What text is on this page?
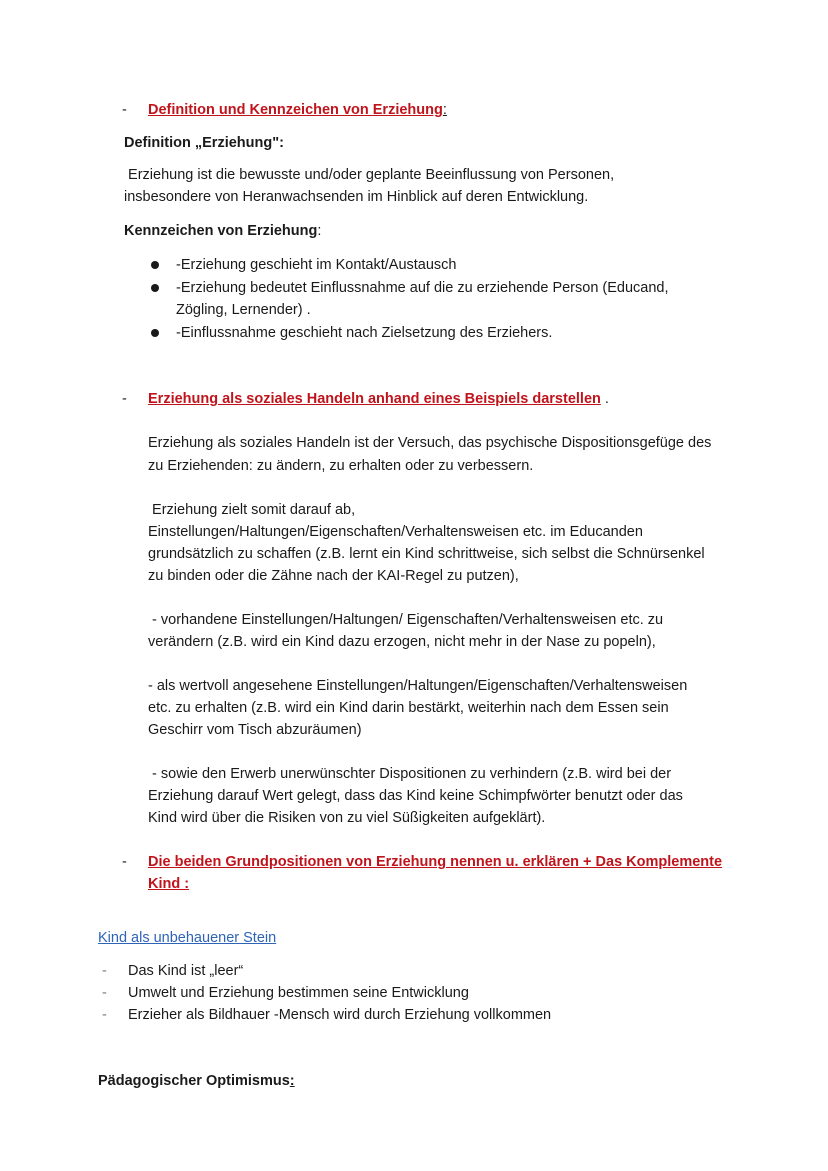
-	Definition und Kennzeichen von Erziehung:
Definition „Erziehung":
Erziehung ist die bewusste und/oder geplante Beeinflussung von Personen,
insbesondere von Heranwachsenden im Hinblick auf deren Entwicklung.
Kennzeichen von Erziehung:
-Erziehung geschieht im Kontakt/Austausch
-Erziehung bedeutet Einflussnahme auf die zu erziehende Person (Educand,
Zögling, Lernender) .
-Einflussnahme geschieht nach Zielsetzung des Erziehers.
-	Erziehung als soziales Handeln anhand eines Beispiels darstellen .
Erziehung als soziales Handeln ist der Versuch, das psychische Dispositionsgefüge des
zu Erziehenden: zu ändern, zu erhalten oder zu verbessern.
Erziehung zielt somit darauf ab,
Einstellungen/Haltungen/Eigenschaften/Verhaltensweisen etc. im Educanden
grundsätzlich zu schaffen (z.B. lernt ein Kind schrittweise, sich selbst die Schnürsenkel
zu binden oder die Zähne nach der KAI-Regel zu putzen),
- vorhandene Einstellungen/Haltungen/ Eigenschaften/Verhaltensweisen etc. zu
verändern (z.B. wird ein Kind dazu erzogen, nicht mehr in der Nase zu popeln),
- als wertvoll angesehene Einstellungen/Haltungen/Eigenschaften/Verhaltensweisen
etc. zu erhalten (z.B. wird ein Kind darin bestärkt, weiterhin nach dem Essen sein
Geschirr vom Tisch abzuräumen)
- sowie den Erwerb unerwünschter Dispositionen zu verhindern (z.B. wird bei der
Erziehung darauf Wert gelegt, dass das Kind keine Schimpfwörter benutzt oder das
Kind wird über die Risiken von zu viel Süßigkeiten aufgeklärt).
-	Die beiden Grundpositionen von Erziehung nennen u. erklären + Das Komplemente
Kind :
Kind als unbehauener Stein
-	Das Kind ist „leer“
-	Umwelt und Erziehung bestimmen seine Entwicklung
-	Erzieher als Bildhauer -Mensch wird durch Erziehung vollkommen
Pädagogischer Optimismus:
